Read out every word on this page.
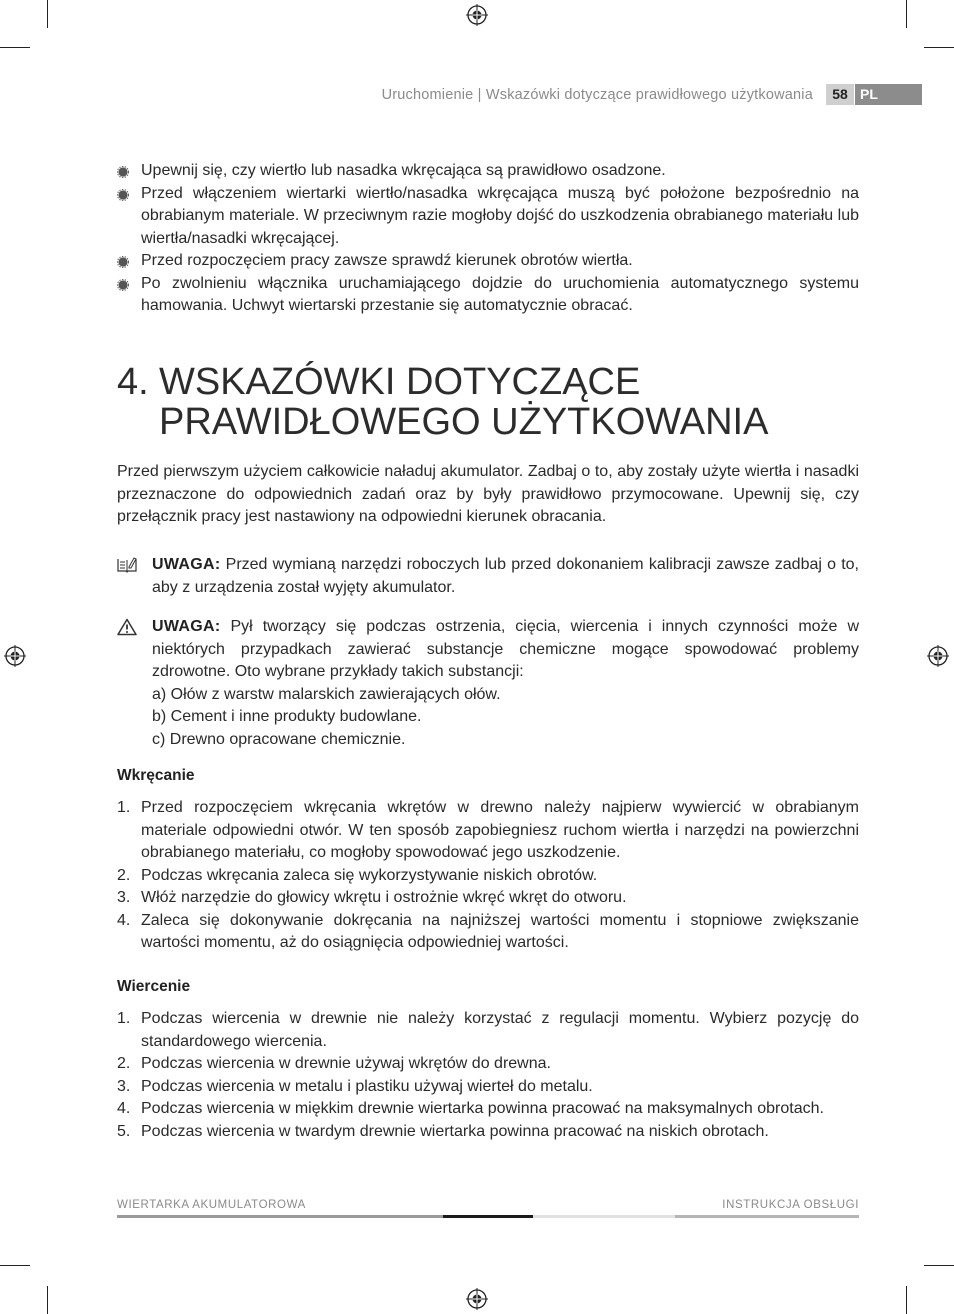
Uruchomienie | Wskazówki dotyczące prawidłowego użytkowania	58 PL
Upewnij się, czy wiertło lub nasadka wkręcająca są prawidłowo osadzone.
Przed włączeniem wiertarki wiertło/nasadka wkręcająca muszą być położone bezpośrednio na obrabianym materiale. W przeciwnym razie mogłoby dojść do uszkodzenia obrabianego materiału lub wiertła/nasadki wkręcającej.
Przed rozpoczęciem pracy zawsze sprawdź kierunek obrotów wiertła.
Po zwolnieniu włącznika uruchamiającego dojdzie do uruchomienia automatycznego systemu hamowania. Uchwyt wiertarski przestanie się automatycznie obracać.
4. WSKAZÓWKI DOTYCZĄCE
PRAWIDŁOWEGO UŻYTKOWANIA
Przed pierwszym użyciem całkowicie naładuj akumulator. Zadbaj o to, aby zostały użyte wiertła i nasadki przeznaczone do odpowiednich zadań oraz by były prawidłowo przymocowane. Upewnij się, czy przełącznik pracy jest nastawiony na odpowiedni kierunek obracania.
UWAGA: Przed wymianą narzędzi roboczych lub przed dokonaniem kalibracji zawsze zadbaj o to, aby z urządzenia został wyjęty akumulator.
UWAGA: Pył tworzący się podczas ostrzenia, cięcia, wiercenia i innych czynności może w niektórych przypadkach zawierać substancje chemiczne mogące spowodować problemy zdrowotne. Oto wybrane przykłady takich substancji:
a) Ołów z warstw malarskich zawierających ołów.
b) Cement i inne produkty budowlane.
c) Drewno opracowane chemicznie.
Wkręcanie
1. Przed rozpoczęciem wkręcania wkrętów w drewno należy najpierw wywiercić w obrabianym materiale odpowiedni otwór. W ten sposób zapobiegniesz ruchom wiertła i narzędzi na powierzchni obrabianego materiału, co mogłoby spowodować jego uszkodzenie.
2. Podczas wkręcania zaleca się wykorzystywanie niskich obrotów.
3. Włóż narzędzie do głowicy wkrętu i ostrożnie wkręć wkręt do otworu.
4. Zaleca się dokonywanie dokręcania na najniższej wartości momentu i stopniowe zwiększanie wartości momentu, aż do osiągnięcia odpowiedniej wartości.
Wiercenie
1. Podczas wiercenia w drewnie nie należy korzystać z regulacji momentu. Wybierz pozycję do standardowego wiercenia.
2. Podczas wiercenia w drewnie używaj wkrętów do drewna.
3. Podczas wiercenia w metalu i plastiku używaj wierteł do metalu.
4. Podczas wiercenia w miękkim drewnie wiertarka powinna pracować na maksymalnych obrotach.
5. Podczas wiercenia w twardym drewnie wiertarka powinna pracować na niskich obrotach.
WIERTARKA AKUMULATOROWA	INSTRUKCJA OBSŁUGI
